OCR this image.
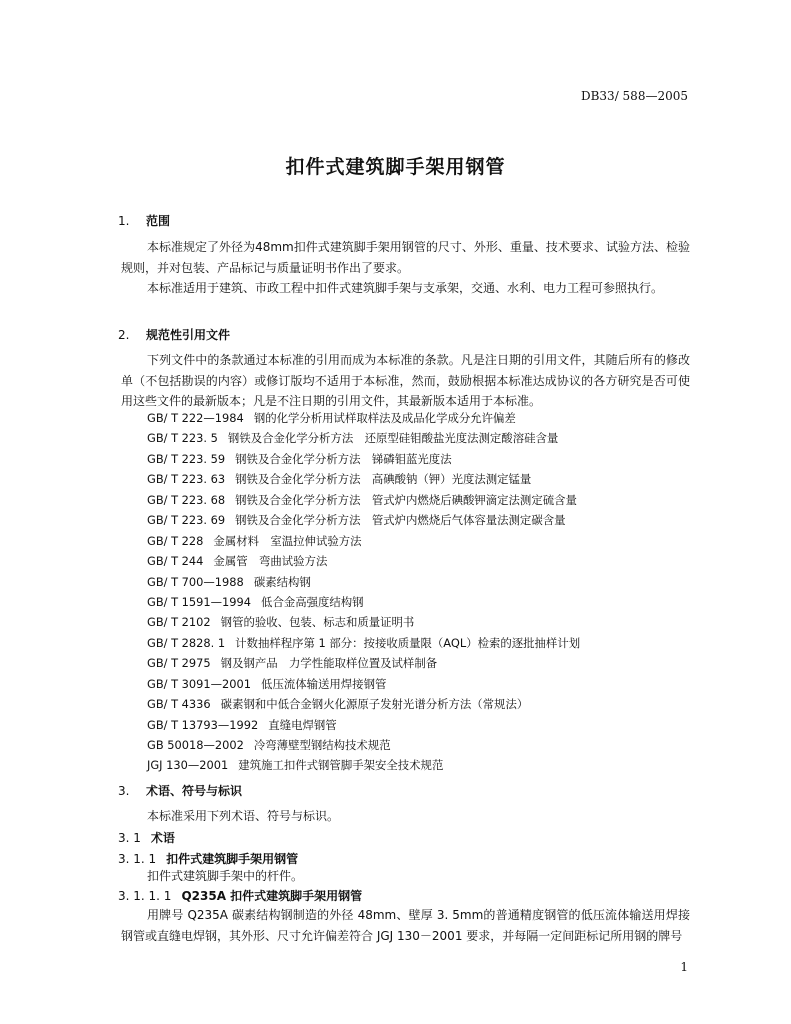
DB33/ 588—2005
扣件式建筑脚手架用钢管
1. 范围
本标准规定了外径为48mm扣件式建筑脚手架用钢管的尺寸、外形、重量、技术要求、试验方法、检验规则，并对包装、产品标记与质量证明书作出了要求。
本标准适用于建筑、市政工程中扣件式建筑脚手架与支承架，交通、水利、电力工程可参照执行。
2. 规范性引用文件
下列文件中的条款通过本标准的引用而成为本标准的条款。凡是注日期的引用文件，其随后所有的修改单（不包括勘误的内容）或修订版均不适用于本标准，然而，鼓励根据本标准达成协议的各方研究是否可使用这些文件的最新版本；凡是不注日期的引用文件，其最新版本适用于本标准。
GB/ T 222—1984 钢的化学分析用试样取样法及成品化学成分允许偏差
GB/ T 223. 5 钢铁及合金化学分析方法　还原型硅钼酸盐光度法测定酸溶硅含量
GB/ T 223. 59 钢铁及合金化学分析方法　锑磷钼蓝光度法
GB/ T 223. 63 钢铁及合金化学分析方法　高碘酸钠（钾）光度法测定锰量
GB/ T 223. 68 钢铁及合金化学分析方法　管式炉内燃烧后碘酸钾滴定法测定硫含量
GB/ T 223. 69 钢铁及合金化学分析方法　管式炉内燃烧后气体容量法测定碳含量
GB/ T 228 金属材料　室温拉伸试验方法
GB/ T 244 金属管　弯曲试验方法
GB/ T 700—1988 碳素结构钢
GB/ T 1591—1994 低合金高强度结构钢
GB/ T 2102 钢管的验收、包装、标志和质量证明书
GB/ T 2828. 1 计数抽样程序第 1 部分：按接收质量限（AQL）检索的逐批抽样计划
GB/ T 2975 钢及钢产品　力学性能取样位置及试样制备
GB/ T 3091—2001 低压流体输送用焊接钢管
GB/ T 4336 碳素钢和中低合金钢火化源原子发射光谱分析方法（常规法）
GB/ T 13793—1992 直缝电焊钢管
GB 50018—2002 冷弯薄壁型钢结构技术规范
JGJ 130—2001 建筑施工扣件式钢管脚手架安全技术规范
3. 术语、符号与标识
本标准采用下列术语、符号与标识。
3. 1 术语
3. 1. 1 扣件式建筑脚手架用钢管
扣件式建筑脚手架中的杆件。
3. 1. 1. 1 Q235A 扣件式建筑脚手架用钢管
用牌号 Q235A 碳素结构钢制造的外径 48mm、壁厚 3. 5mm的普通精度钢管的低压流体输送用焊接钢管或直缝电焊钢，其外形、尺寸允许偏差符合 JGJ 130－2001 要求，并每隔一定间距标记所用钢的牌号
1
